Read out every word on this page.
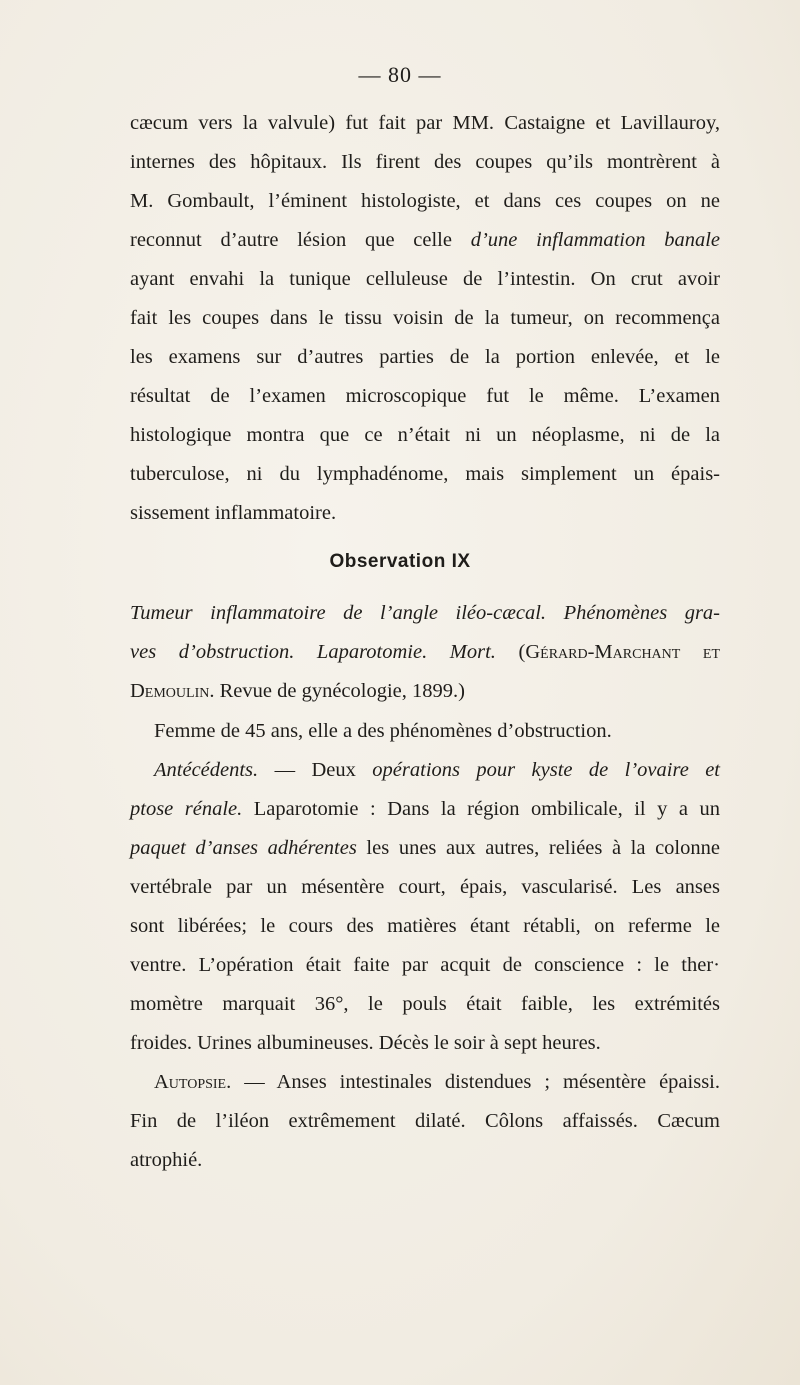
— 80 —
cæcum vers la valvule) fut fait par MM. Castaigne et Lavillauroy,
internes des hôpitaux. Ils firent des coupes qu’ils montrèrent à
M. Gombault, l’éminent histologiste, et dans ces coupes on ne
reconnut d’autre lésion que celle d’une inflammation banale
ayant envahi la tunique celluleuse de l’intestin. On crut avoir
fait les coupes dans le tissu voisin de la tumeur, on recommença
les examens sur d’autres parties de la portion enlevée, et le
résultat de l’examen microscopique fut le même. L’examen
histologique montra que ce n’était ni un néoplasme, ni de la
tuberculose, ni du lymphadénome, mais simplement un épais-
sissement inflammatoire.
Observation IX
Tumeur inflammatoire de l’angle iléo-cæcal. Phénomènes gra-
ves d’obstruction. Laparotomie. Mort. (Gérard-Marchant et
Demoulin. Revue de gynécologie, 1899.)
Femme de 45 ans, elle a des phénomènes d’obstruction.
Antécédents. — Deux opérations pour kyste de l’ovaire et
ptose rénale. Laparotomie : Dans la région ombilicale, il y a un
paquet d’anses adhérentes les unes aux autres, reliées à la colonne
vertébrale par un mésentère court, épais, vascularisé. Les anses
sont libérées; le cours des matières étant rétabli, on referme le
ventre. L’opération était faite par acquit de conscience : le ther·
momètre marquait 36°, le pouls était faible, les extrémités
froides. Urines albumineuses. Décès le soir à sept heures.
Autopsie. — Anses intestinales distendues ; mésentère épaissi.
Fin de l’iléon extrêmement dilaté. Côlons affaissés. Cæcum
atrophié.
